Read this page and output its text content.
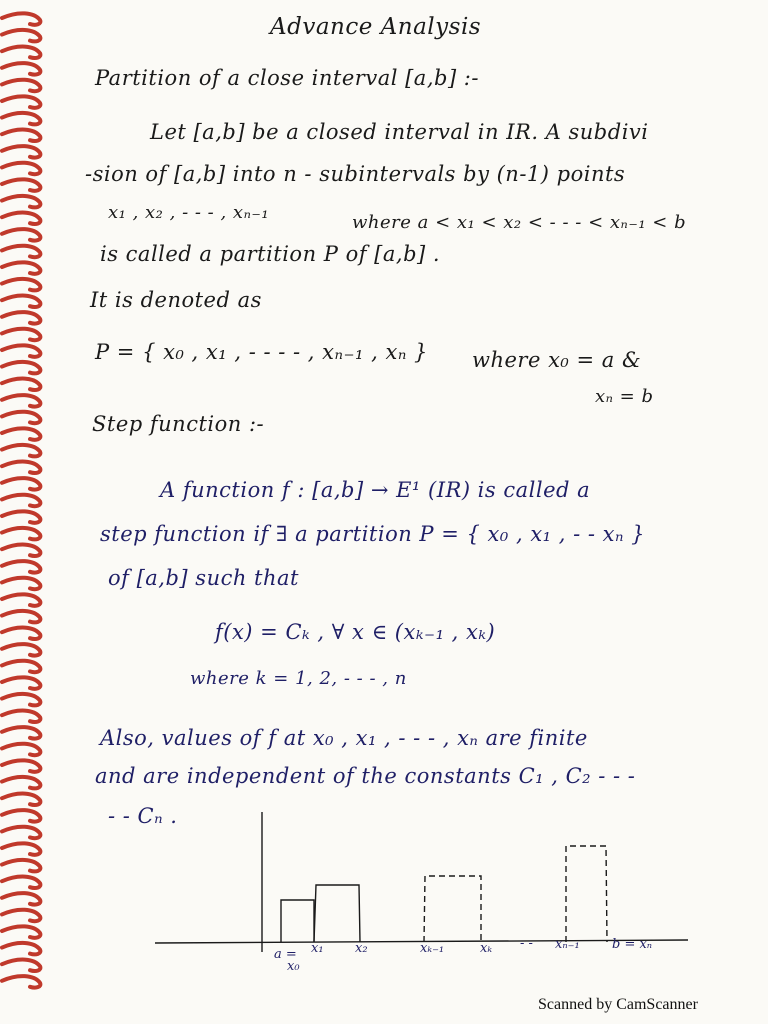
Advance Analysis
Partition of a close interval [a,b] :-
Let [a,b] be a closed interval in IR. A subdivi
-sion of [a,b] into n - subintervals by (n-1) points
x₁ , x₂ , - - - , xₙ₋₁	where a < x₁ < x₂ < - - - < xₙ₋₁ < b
is called a partition P of [a,b] .
It is denoted as
P = { x₀ , x₁ , - - - - , xₙ₋₁ , xₙ } where x₀ = a &
xₙ = b
Step function :-
A function f : [a,b] → E¹ (IR) is called a
step function if ∃ a partition P = { x₀ , x₁ , - - xₙ }
of [a,b] such that
f(x) = Cₖ , ∀ x ∈ (xₖ₋₁ , xₖ)
where k = 1, 2, - - - , n
Also, values of f at x₀ , x₁ , - - - , xₙ are finite
and are independent of the constants C₁ , C₂ - - -
- - Cₙ .
a =
x₀
x₁ x₂	xₖ₋₁	xₖ - - xₙ₋₁ b = xₙ
Scanned by CamScanner
